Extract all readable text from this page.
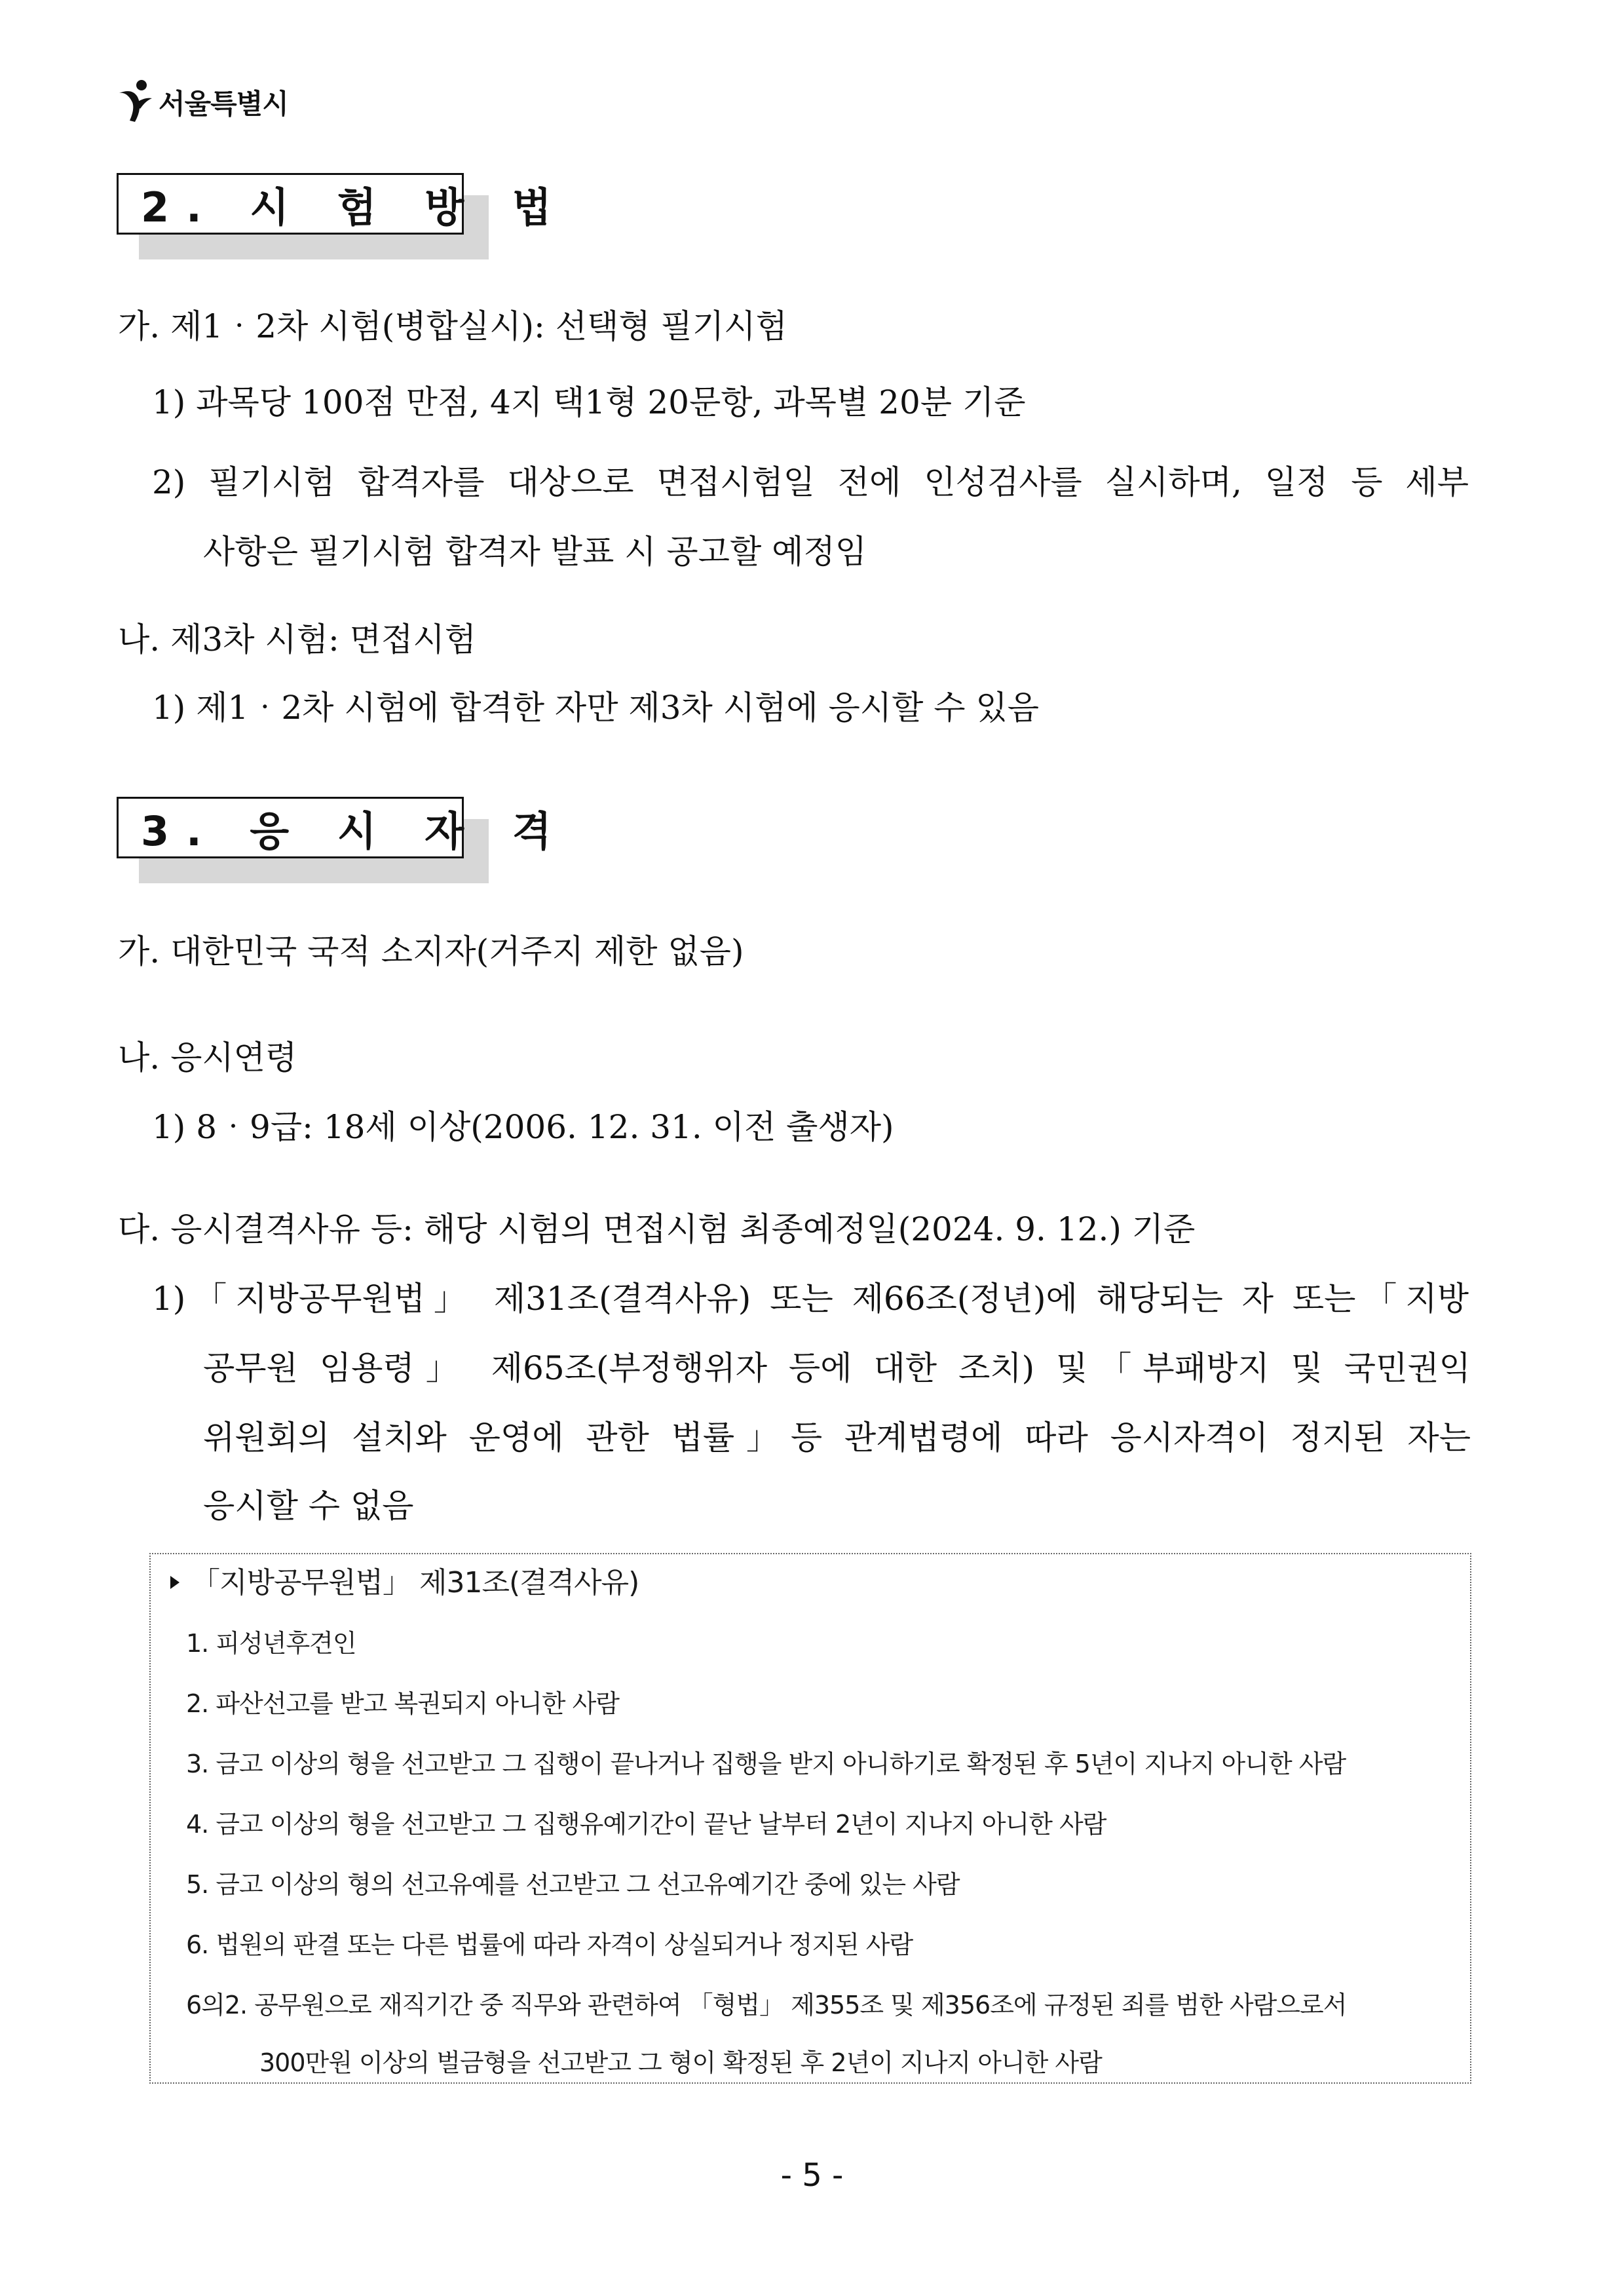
서울특별시
2. 시 험 방 법
가. 제1‧2차 시험(병합실시): 선택형 필기시험
1) 과목당 100점 만점, 4지 택1형 20문항, 과목별 20분 기준
2) 필기시험 합격자를 대상으로 면접시험일 전에 인성검사를 실시하며, 일정 등 세부
사항은 필기시험 합격자 발표 시 공고할 예정임
나. 제3차 시험: 면접시험
1) 제1‧2차 시험에 합격한 자만 제3차 시험에 응시할 수 있음
3. 응 시 자 격
가. 대한민국 국적 소지자(거주지 제한 없음)
나. 응시연령
1) 8‧9급: 18세 이상(2006. 12. 31. 이전 출생자)
다. 응시결격사유 등: 해당 시험의 면접시험 최종예정일(2024. 9. 12.) 기준
1)「지방공무원법」 제31조(결격사유) 또는 제66조(정년)에 해당되는 자 또는「지방
공무원 임용령」 제65조(부정행위자 등에 대한 조치) 및「부패방지 및 국민권익
위원회의 설치와 운영에 관한 법률」등 관계법령에 따라 응시자격이 정지된 자는
응시할 수 없음
「지방공무원법」 제31조(결격사유)
1. 피성년후견인
2. 파산선고를 받고 복권되지 아니한 사람
3. 금고 이상의 형을 선고받고 그 집행이 끝나거나 집행을 받지 아니하기로 확정된 후 5년이 지나지 아니한 사람
4. 금고 이상의 형을 선고받고 그 집행유예기간이 끝난 날부터 2년이 지나지 아니한 사람
5. 금고 이상의 형의 선고유예를 선고받고 그 선고유예기간 중에 있는 사람
6. 법원의 판결 또는 다른 법률에 따라 자격이 상실되거나 정지된 사람
6의2. 공무원으로 재직기간 중 직무와 관련하여 「형법」 제355조 및 제356조에 규정된 죄를 범한 사람으로서
300만원 이상의 벌금형을 선고받고 그 형이 확정된 후 2년이 지나지 아니한 사람
- 5 -
